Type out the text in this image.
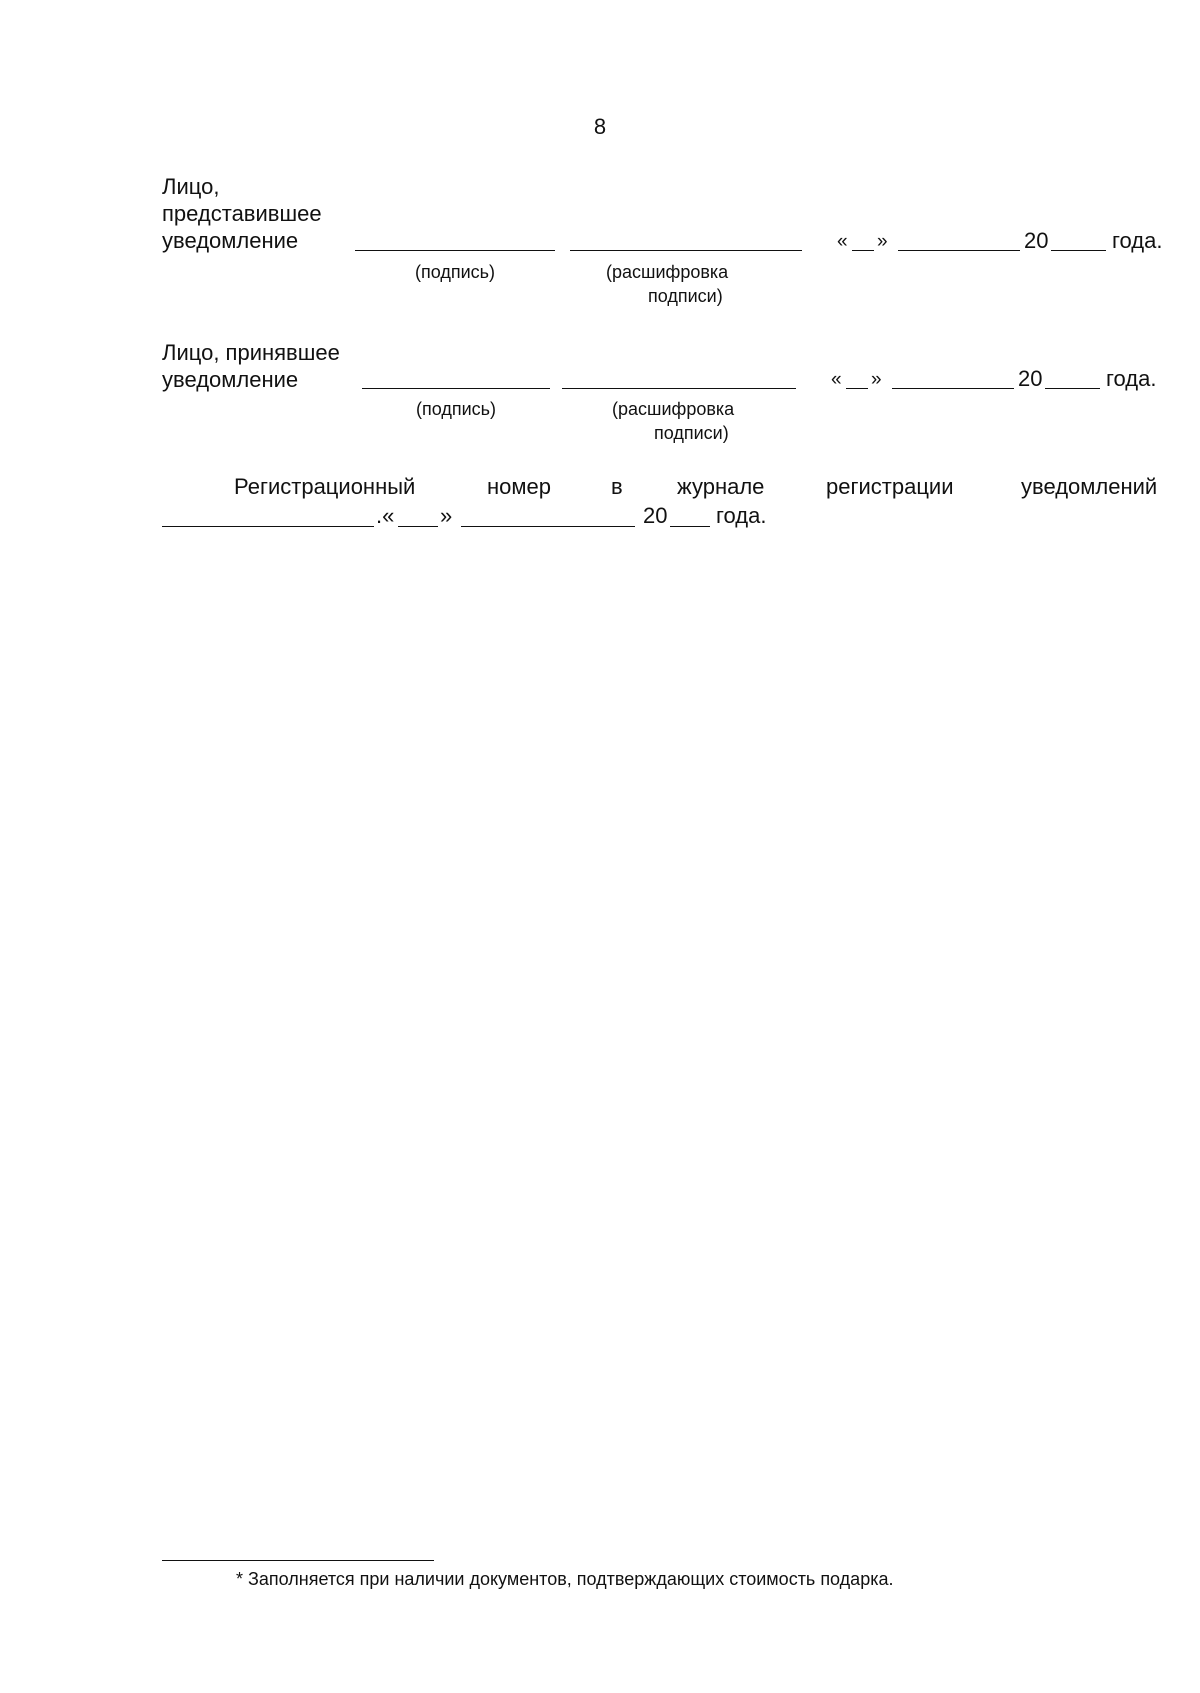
8
Лицо,
представившее
уведомление	« »	20	года.
(подпись)	(расшифровка
подписи)
Лицо, принявшее
уведомление	« »	20	года.
(подпись)	(расшифровка
подписи)
Регистрационный	номер	в журнале	регистрации	уведомлений
.« »	20 года.
* Заполняется при наличии документов, подтверждающих стоимость подарка.
